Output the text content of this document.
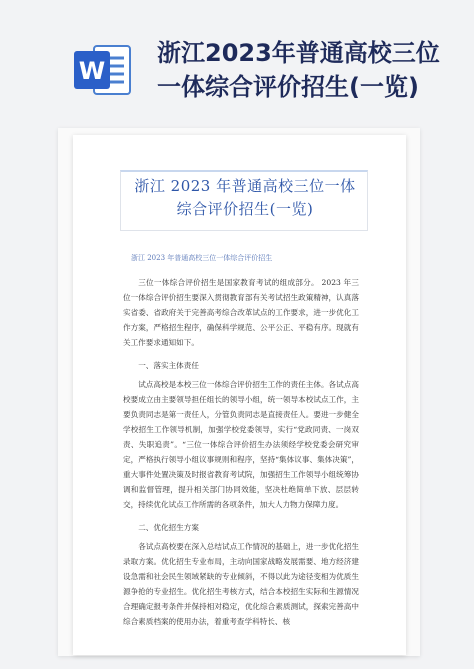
W
浙江2023年普通高校三位
一体综合评价招生(一览)
浙江 2023 年普通高校三位一体综合评价招生(一览)
浙江 2023 年普通高校三位一体综合评价招生

三位一体综合评价招生是国家教育考试的组成部分。 2023 年三位一体综合评价招生要深入贯彻教育部有关考试招生政策精神，认真落实省委、省政府关于完善高考综合改革试点的工作要求，进一步优化工作方案，严格招生程序，确保科学规范、公平公正、平稳有序。现就有关工作要求通知如下。

一、落实主体责任

试点高校是本校三位一体综合评价招生工作的责任主体。各试点高校要成立由主要领导担任组长的领导小组，统一领导本校试点工作，主要负责同志是第一责任人，分管负责同志是直接责任人。要进一步健全学校招生工作领导机制，加强学校党委领导，实行“党政同责、一岗双责、失职追责”。“三位一体综合评价招生办法须经学校党委会研究审定，严格执行领导小组议事规则和程序，坚持“集体议事、集体决策”，重大事件处置决策及时报省教育考试院，加强招生工作领导小组统筹协调和监督管理，提升相关部门协同效能，坚决杜绝简单下放、层层转交，持续优化试点工作所需的各项条件，加大人力物力保障力度。

二、优化招生方案

各试点高校要在深入总结试点工作情况的基础上，进一步优化招生录取方案。优化招生专业布局，主动向国家战略发展需要、地方经济建设急需和社会民生领域紧缺的专业倾斜，不得以此为途径变相为优质生源争抢的专业招生。优化招生考核方式，结合本校招生实际和生源情况合理确定报考条件并保持相对稳定，优化综合素质测试，探索完善高中综合素质档案的使用办法，着重考查学科特长、核
